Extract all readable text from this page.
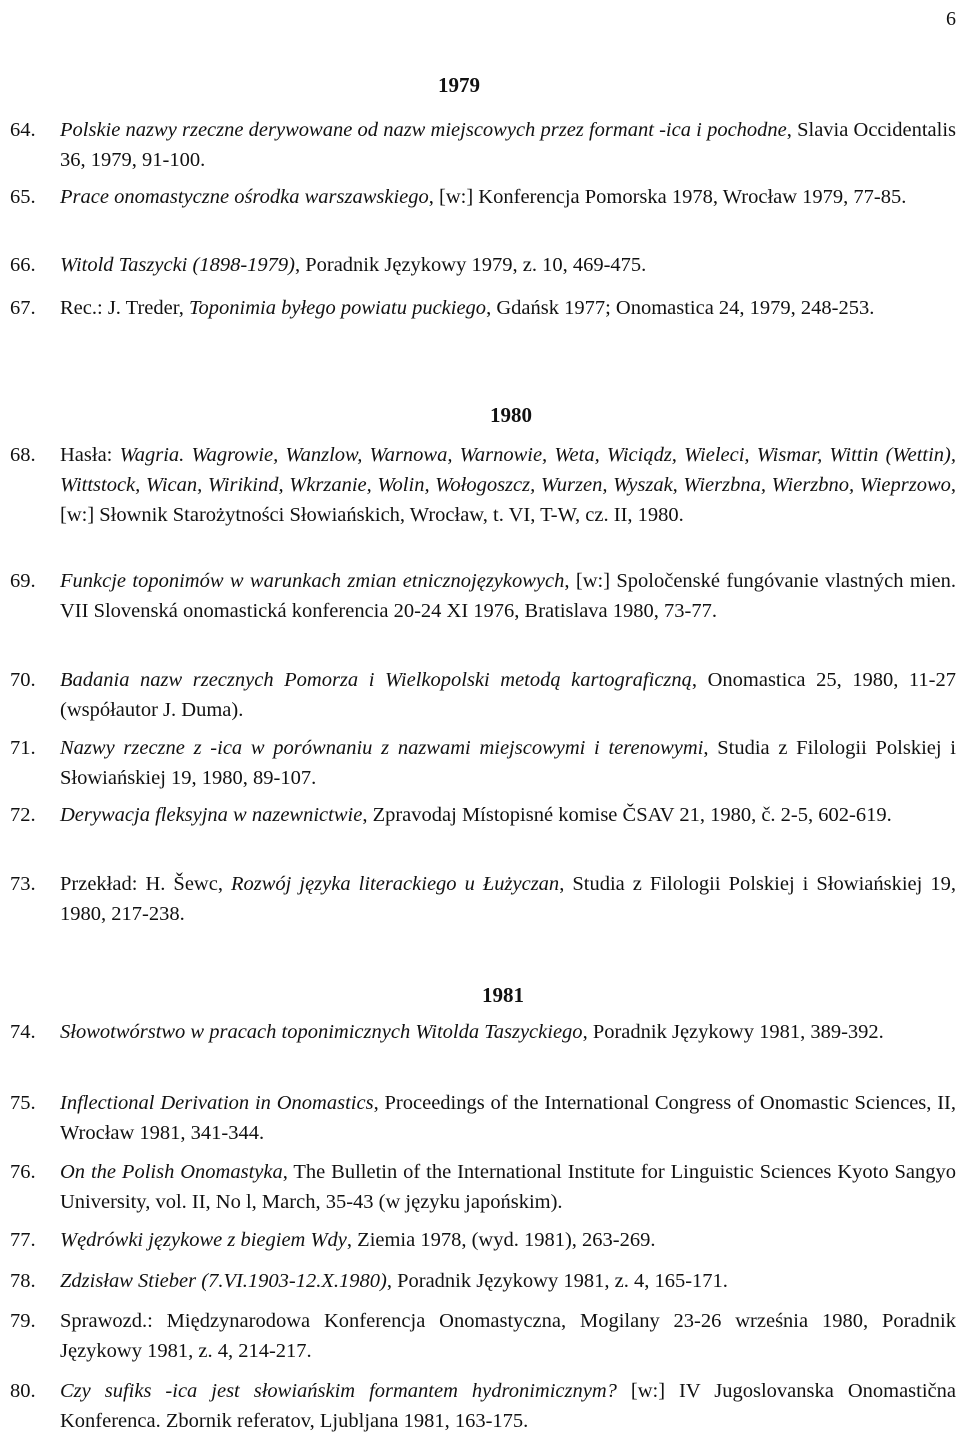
6
1979
64.	Polskie nazwy rzeczne derywowane od nazw miejscowych przez formant -ica i pochodne, Slavia Occidentalis 36, 1979, 91-100.
65.	Prace onomastyczne ośrodka warszawskiego, [w:] Konferencja Pomorska 1978, Wrocław 1979, 77-85.
66.	Witold Taszycki (1898-1979), Poradnik Językowy 1979, z. 10, 469-475.
67.	Rec.: J. Treder, Toponimia byłego powiatu puckiego, Gdańsk 1977; Onomastica 24, 1979, 248-253.
1980
68.	Hasła: Wagria. Wagrowie, Wanzlow, Warnowa, Warnowie, Weta, Wiciądz, Wieleci, Wismar, Wittin (Wettin), Wittstock, Wican, Wirikind, Wkrzanie, Wolin, Wołogoszcz, Wurzen, Wyszak, Wierzbna, Wierzbno, Wieprzowo, [w:] Słownik Starożytności Słowiańskich, Wrocław, t. VI, T-W, cz. II, 1980.
69.	Funkcje toponimów w warunkach zmian etnicznojęzykowych, [w:] Spoločenské fungóvanie vlastných mien. VII Slovenská onomastická konferencia 20-24 XI 1976, Bratislava 1980, 73-77.
70.	Badania nazw rzecznych Pomorza i Wielkopolski metodą kartograficzną, Onomastica 25, 1980, 11-27 (współautor J. Duma).
71.	Nazwy rzeczne z -ica w porównaniu z nazwami miejscowymi i terenowymi, Studia z Filologii Polskiej i Słowiańskiej 19, 1980, 89-107.
72.	Derywacja fleksyjna w nazewnictwie, Zpravodaj Místopisné komise ČSAV 21, 1980, č. 2-5, 602-619.
73.	Przekład: H. Šewc, Rozwój języka literackiego u Łużyczan, Studia z Filologii Polskiej i Słowiańskiej 19, 1980, 217-238.
1981
74.	Słowotwórstwo w pracach toponimicznych Witolda Taszyckiego, Poradnik Językowy 1981, 389-392.
75.	Inflectional Derivation in Onomastics, Proceedings of the International Congress of Onomastic Sciences, II, Wrocław 1981, 341-344.
76.	On the Polish Onomastyka, The Bulletin of the International Institute for Linguistic Sciences Kyoto Sangyo University, vol. II, No l, March, 35-43 (w języku japońskim).
77.	Wędrówki językowe z biegiem Wdy, Ziemia 1978, (wyd. 1981), 263-269.
78.	Zdzisław Stieber (7.VI.1903-12.X.1980), Poradnik Językowy 1981, z. 4, 165-171.
79.	Sprawozd.: Międzynarodowa Konferencja Onomastyczna, Mogilany 23-26 września 1980, Poradnik Językowy 1981, z. 4, 214-217.
80.	Czy sufiks -ica jest słowiańskim formantem hydronimicznym? [w:] IV Jugoslovanska Onomastična Konferenca. Zbornik referatov, Ljubljana 1981, 163-175.
